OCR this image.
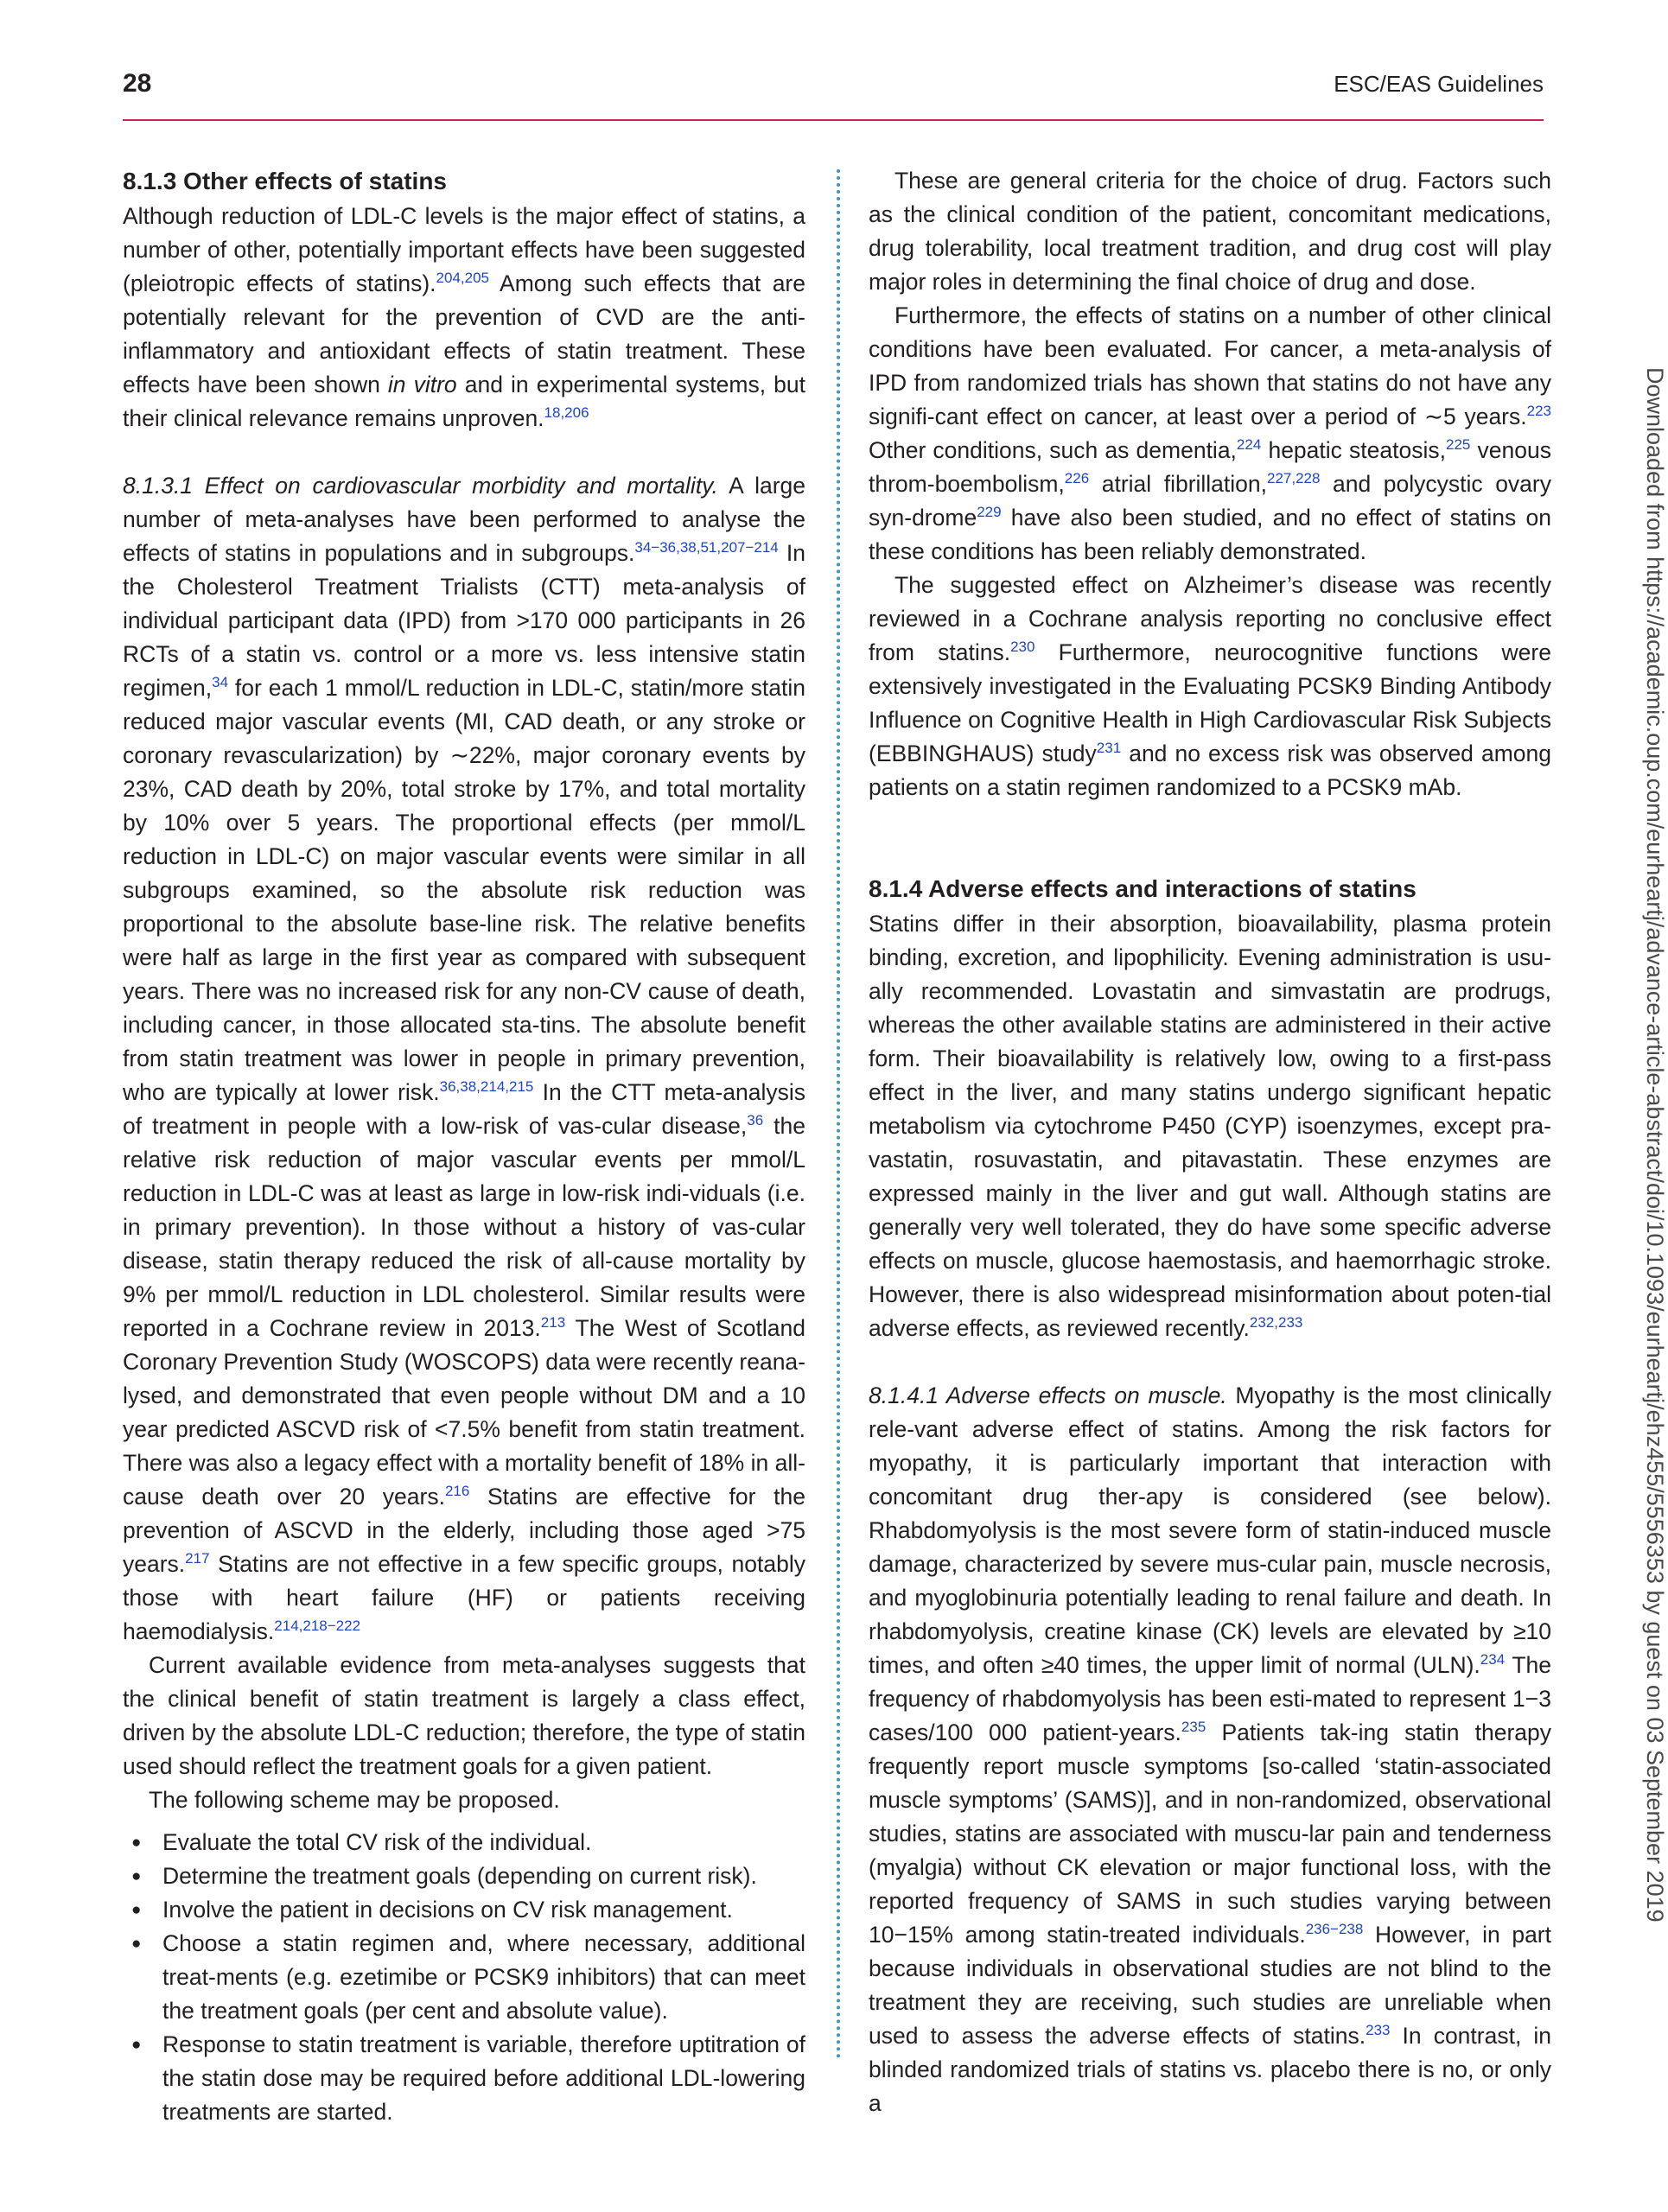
28	ESC/EAS Guidelines
8.1.3 Other effects of statins

Although reduction of LDL-C levels is the major effect of statins, a number of other, potentially important effects have been suggested (pleiotropic effects of statins).$^{204,205}$ Among such effects that are potentially relevant for the prevention of CVD are the anti-inflammatory and antioxidant effects of statin treatment. These effects have been shown in vitro and in experimental systems, but their clinical relevance remains unproven.$^{18,206}$

8.1.3.1 Effect on cardiovascular morbidity and mortality. A large number of meta-analyses have been performed to analyse the effects of statins in populations and in subgroups.$^{34-36,38,51,207-214}$ In the Cholesterol Treatment Trialists (CTT) meta-analysis of individual participant data (IPD) from >170 000 participants in 26 RCTs of a statin vs. control or a more vs. less intensive statin regimen,$^{34}$ for each 1 mmol/L reduction in LDL-C, statin/more statin reduced major vascular events (MI, CAD death, or any stroke or coronary revascularization) by ∼22%, major coronary events by 23%, CAD death by 20%, total stroke by 17%, and total mortality by 10% over 5 years. The proportional effects (per mmol/L reduction in LDL-C) on major vascular events were similar in all subgroups examined, so the absolute risk reduction was proportional to the absolute base-line risk. The relative benefits were half as large in the first year as compared with subsequent years. There was no increased risk for any non-CV cause of death, including cancer, in those allocated sta-tins. The absolute benefit from statin treatment was lower in people in primary prevention, who are typically at lower risk.$^{36,38,214,215}$ In the CTT meta-analysis of treatment in people with a low-risk of vas-cular disease,$^{36}$ the relative risk reduction of major vascular events per mmol/L reduction in LDL-C was at least as large in low-risk indi-viduals (i.e. in primary prevention). In those without a history of vas-cular disease, statin therapy reduced the risk of all-cause mortality by 9% per mmol/L reduction in LDL cholesterol. Similar results were reported in a Cochrane review in 2013.$^{213}$ The West of Scotland Coronary Prevention Study (WOSCOPS) data were recently reana-lysed, and demonstrated that even people without DM and a 10 year predicted ASCVD risk of <7.5% benefit from statin treatment. There was also a legacy effect with a mortality benefit of 18% in all-cause death over 20 years.$^{216}$ Statins are effective for the prevention of ASCVD in the elderly, including those aged >75 years.$^{217}$ Statins are not effective in a few specific groups, notably those with heart failure (HF) or patients receiving haemodialysis.$^{214,218-222}$

Current available evidence from meta-analyses suggests that the clinical benefit of statin treatment is largely a class effect, driven by the absolute LDL-C reduction; therefore, the type of statin used should reflect the treatment goals for a given patient.

The following scheme may be proposed.

● Evaluate the total CV risk of the individual.
● Determine the treatment goals (depending on current risk).
● Involve the patient in decisions on CV risk management.
● Choose a statin regimen and, where necessary, additional treat-ments (e.g. ezetimibe or PCSK9 inhibitors) that can meet the treatment goals (per cent and absolute value).
● Response to statin treatment is variable, therefore uptitration of the statin dose may be required before additional LDL-lowering treatments are started.

These are general criteria for the choice of drug. Factors such as the clinical condition of the patient, concomitant medications, drug tolerability, local treatment tradition, and drug cost will play major roles in determining the final choice of drug and dose.

Furthermore, the effects of statins on a number of other clinical conditions have been evaluated. For cancer, a meta-analysis of IPD from randomized trials has shown that statins do not have any signifi-cant effect on cancer, at least over a period of ∼5 years.$^{223}$ Other conditions, such as dementia,$^{224}$ hepatic steatosis,$^{225}$ venous throm-boembolism,$^{226}$ atrial fibrillation,$^{227,228}$ and polycystic ovary syn-drome$^{229}$ have also been studied, and no effect of statins on these conditions has been reliably demonstrated.

The suggested effect on Alzheimer’s disease was recently reviewed in a Cochrane analysis reporting no conclusive effect from statins.$^{230}$ Furthermore, neurocognitive functions were extensively investigated in the Evaluating PCSK9 Binding Antibody Influence on Cognitive Health in High Cardiovascular Risk Subjects (EBBINGHAUS) study$^{231}$ and no excess risk was observed among patients on a statin regimen randomized to a PCSK9 mAb.

8.1.4 Adverse effects and interactions of statins

Statins differ in their absorption, bioavailability, plasma protein binding, excretion, and lipophilicity. Evening administration is usu-ally recommended. Lovastatin and simvastatin are prodrugs, whereas the other available statins are administered in their active form. Their bioavailability is relatively low, owing to a first-pass effect in the liver, and many statins undergo significant hepatic metabolism via cytochrome P450 (CYP) isoenzymes, except pra-vastatin, rosuvastatin, and pitavastatin. These enzymes are expressed mainly in the liver and gut wall. Although statins are generally very well tolerated, they do have some specific adverse effects on muscle, glucose haemostasis, and haemorrhagic stroke. However, there is also widespread misinformation about poten-tial adverse effects, as reviewed recently.$^{232,233}$

8.1.4.1 Adverse effects on muscle. Myopathy is the most clinically rele-vant adverse effect of statins. Among the risk factors for myopathy, it is particularly important that interaction with concomitant drug ther-apy is considered (see below). Rhabdomyolysis is the most severe form of statin-induced muscle damage, characterized by severe mus-cular pain, muscle necrosis, and myoglobinuria potentially leading to renal failure and death. In rhabdomyolysis, creatine kinase (CK) levels are elevated by ≥10 times, and often ≥40 times, the upper limit of normal (ULN).$^{234}$ The frequency of rhabdomyolysis has been esti-mated to represent 1−3 cases/100 000 patient-years.$^{235}$ Patients tak-ing statin therapy frequently report muscle symptoms [so-called ‘statin-associated muscle symptoms’ (SAMS)], and in non-randomized, observational studies, statins are associated with muscu-lar pain and tenderness (myalgia) without CK elevation or major functional loss, with the reported frequency of SAMS in such studies varying between 10−15% among statin-treated individuals.$^{236-238}$ However, in part because individuals in observational studies are not blind to the treatment they are receiving, such studies are unreliable when used to assess the adverse effects of statins.$^{233}$ In contrast, in blinded randomized trials of statins vs. placebo there is no, or only a

Downloaded from https://academic.oup.com/eurheartj/advance-article-abstract/doi/10.1093/eurheartj/ehz455/5556353 by guest on 03 September 2019
